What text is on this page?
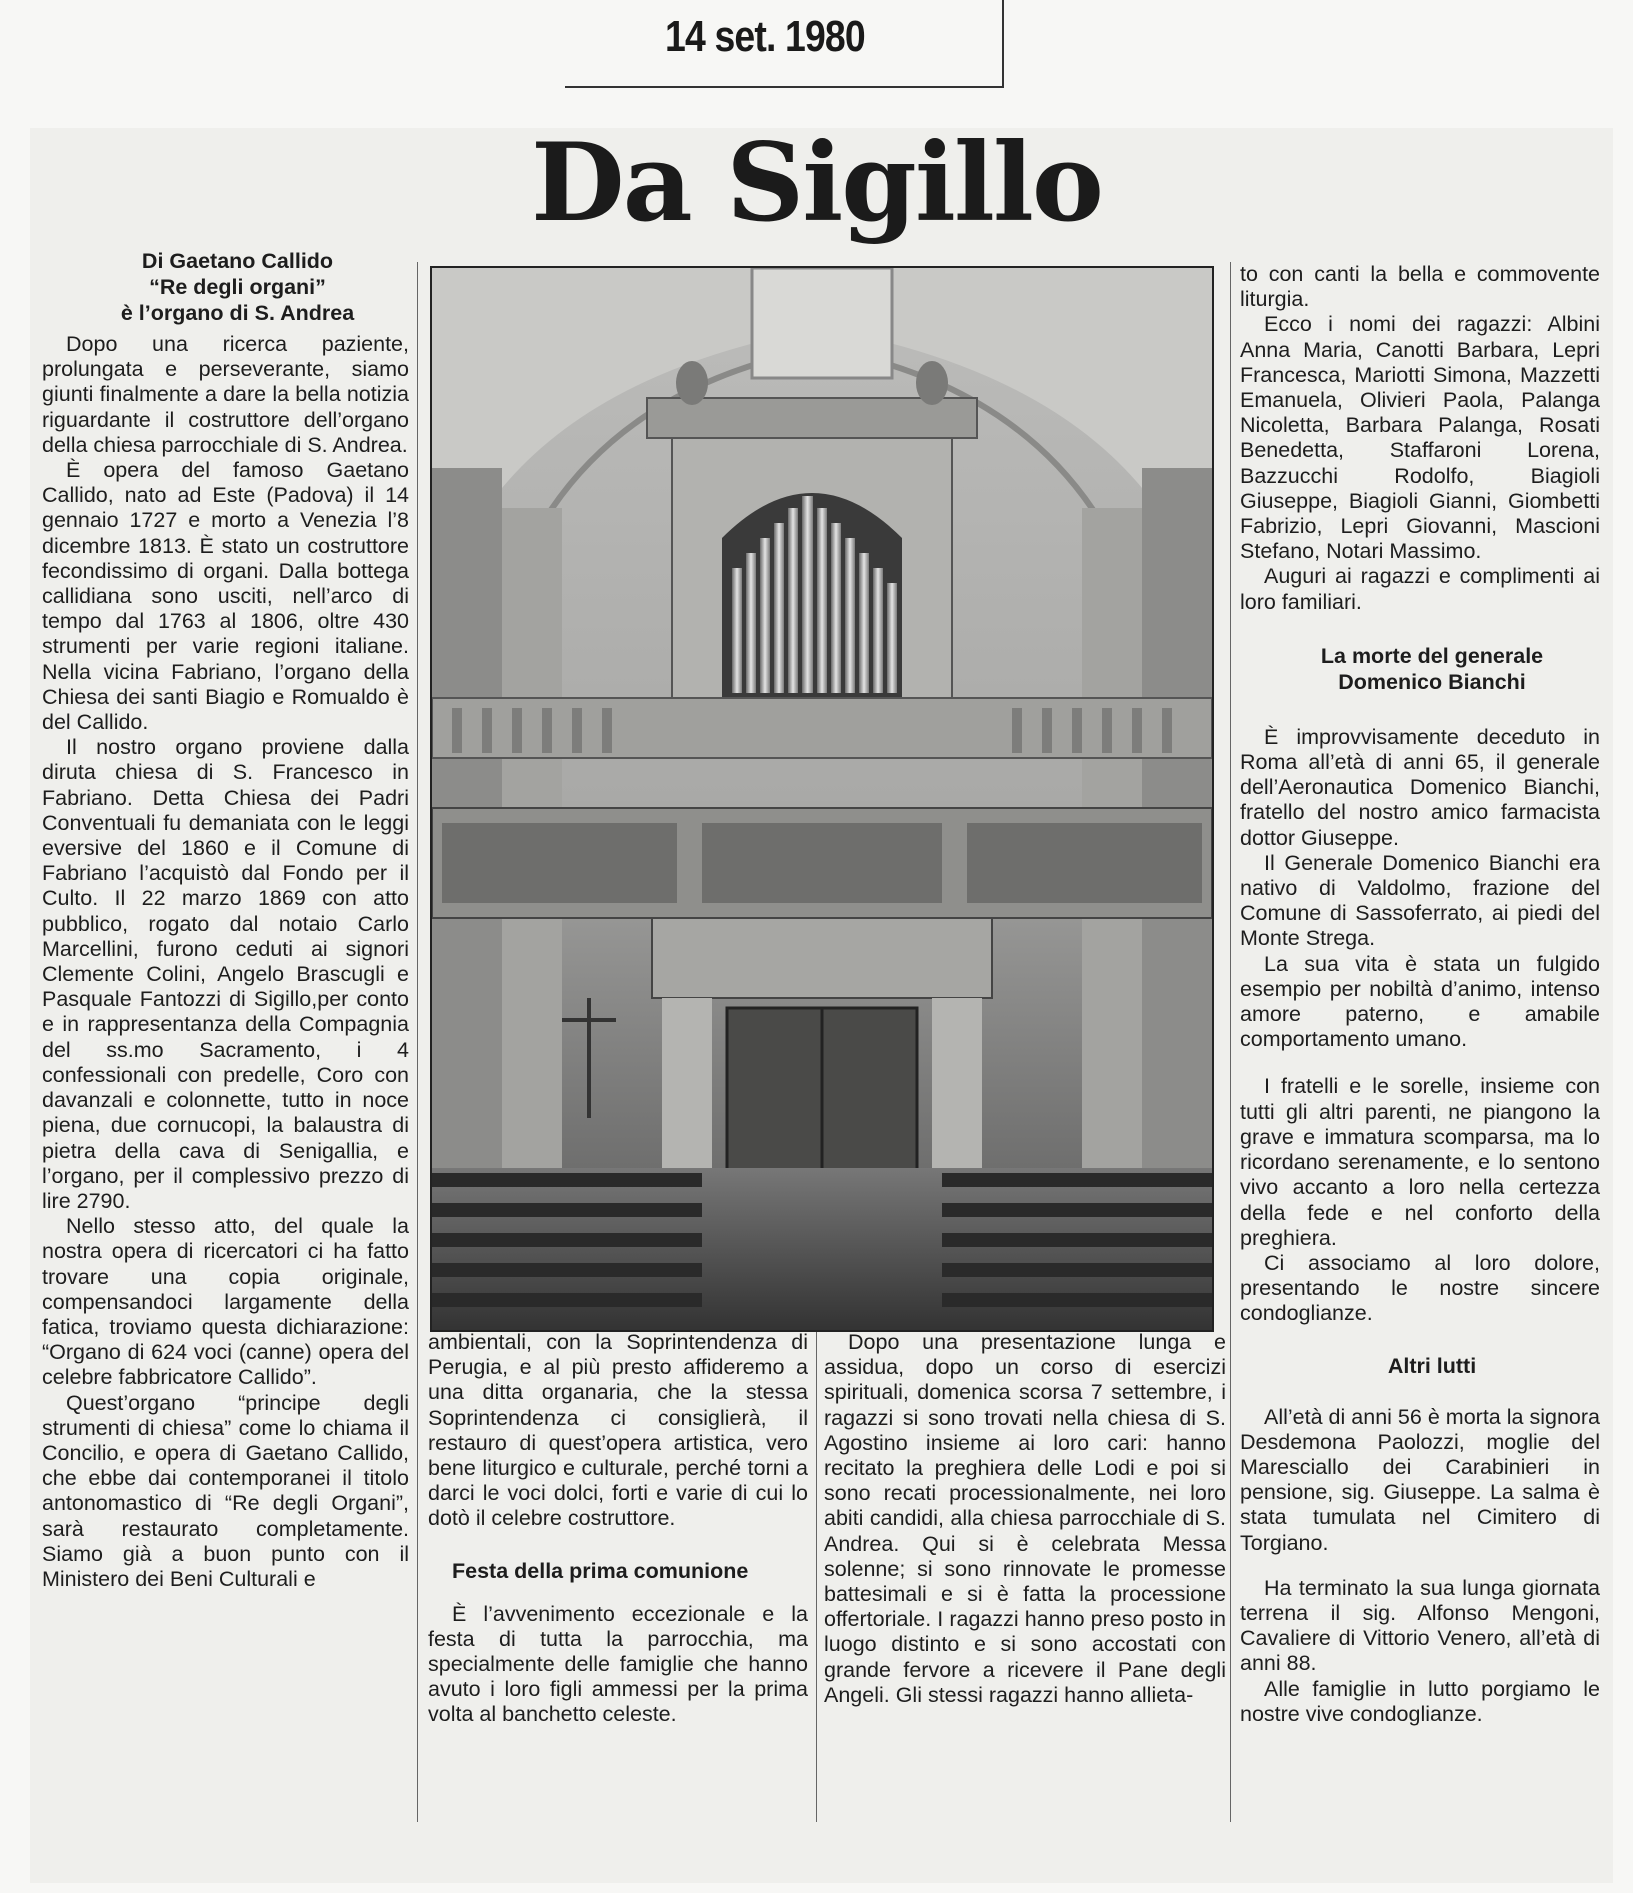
14 set. 1980
Da Sigillo

Di Gaetano Callido

“Re degli organi”

è l’organo di S. Andrea

Dopo una ricerca paziente, prolungata e perseverante, siamo giunti finalmente a dare la bella notizia riguardante il costruttore dell’organo della chiesa parrocchiale di S. Andrea.

È opera del famoso Gaetano Callido, nato ad Este (Padova) il 14 gennaio 1727 e morto a Venezia l’8 dicembre 1813. È stato un costruttore fecondissimo di organi. Dalla bottega callidiana sono usciti, nell’arco di tempo dal 1763 al 1806, oltre 430 strumenti per varie regioni italiane. Nella vicina Fabriano, l’organo della Chiesa dei santi Biagio e Romualdo è del Callido.

Il nostro organo proviene dalla diruta chiesa di S. Francesco in Fabriano. Detta Chiesa dei Padri Conventuali fu demaniata con le leggi eversive del 1860 e il Comune di Fabriano l’acquistò dal Fondo per il Culto. Il 22 marzo 1869 con atto pubblico, rogato dal notaio Carlo Marcellini, furono ceduti ai signori Clemente Colini, Angelo Brascugli e Pasquale Fantozzi di Sigillo,per conto e in rappresentanza della Compagnia del ss.mo Sacramento, i 4 confessionali con predelle, Coro con davanzali e colonnette, tutto in noce piena, due cornucopi, la balaustra di pietra della cava di Senigallia, e l’organo, per il complessivo prezzo di lire 2790.

Nello stesso atto, del quale la nostra opera di ricercatori ci ha fatto trovare una copia originale, compensandoci largamente della fatica, troviamo questa dichiarazione: “Organo di 624 voci (canne) opera del celebre fabbricatore Callido”.

Quest’organo “principe degli strumenti di chiesa” come lo chiama il Concilio, e opera di Gaetano Callido, che ebbe dai contemporanei il titolo antonomastico di “Re degli Organi”, sarà restaurato completamente. Siamo già a buon punto con il Ministero dei Beni Culturali e

ambientali, con la Soprintendenza di Perugia, e al più presto affideremo a una ditta organaria, che la stessa Soprintendenza ci consiglierà, il restauro di quest’opera artistica, vero bene liturgico e culturale, perché torni a darci le voci dolci, forti e varie di cui lo dotò il celebre costruttore.

Festa della prima comunione

È l’avvenimento eccezionale e la festa di tutta la parrocchia, ma specialmente delle famiglie che hanno avuto i loro figli ammessi per la prima volta al banchetto celeste.

Dopo una presentazione lunga e assidua, dopo un corso di esercizi spirituali, domenica scorsa 7 settembre, i ragazzi si sono trovati nella chiesa di S. Agostino insieme ai loro cari: hanno recitato la preghiera delle Lodi e poi si sono recati processionalmente, nei loro abiti candidi, alla chiesa parrocchiale di S. Andrea. Qui si è celebrata Messa solenne; si sono rinnovate le promesse battesimali e si è fatta la processione offertoriale. I ragazzi hanno preso posto in luogo distinto e si sono accostati con grande fervore a ricevere il Pane degli Angeli. Gli stessi ragazzi hanno allieta-

to con canti la bella e commovente liturgia.

Ecco i nomi dei ragazzi: Albini Anna Maria, Canotti Barbara, Lepri Francesca, Mariotti Simona, Mazzetti Emanuela, Olivieri Paola, Palanga Nicoletta, Barbara Palanga, Rosati Benedetta, Staffaroni Lorena, Bazzucchi Rodolfo, Biagioli Giuseppe, Biagioli Gianni, Giombetti Fabrizio, Lepri Giovanni, Mascioni Stefano, Notari Massimo.

Auguri ai ragazzi e complimenti ai loro familiari.

La morte del generale

Domenico Bianchi

È improvvisamente deceduto in Roma all’età di anni 65, il generale dell’Aeronautica Domenico Bianchi, fratello del nostro amico farmacista dottor Giuseppe.

Il Generale Domenico Bianchi era nativo di Valdolmo, frazione del Comune di Sassoferrato, ai piedi del Monte Strega.

La sua vita è stata un fulgido esempio per nobiltà d’animo, intenso amore paterno, e amabile comportamento umano.

I fratelli e le sorelle, insieme con tutti gli altri parenti, ne piangono la grave e immatura scomparsa, ma lo ricordano serenamente, e lo sentono vivo accanto a loro nella certezza della fede e nel conforto della preghiera.

Ci associamo al loro dolore, presentando le nostre sincere condoglianze.

Altri lutti

All’età di anni 56 è morta la signora Desdemona Paolozzi, moglie del Maresciallo dei Carabinieri in pensione, sig. Giuseppe. La salma è stata tumulata nel Cimitero di Torgiano.

Ha terminato la sua lunga giornata terrena il sig. Alfonso Mengoni, Cavaliere di Vittorio Venero, all’età di anni 88.

Alle famiglie in lutto porgiamo le nostre vive condoglianze.
